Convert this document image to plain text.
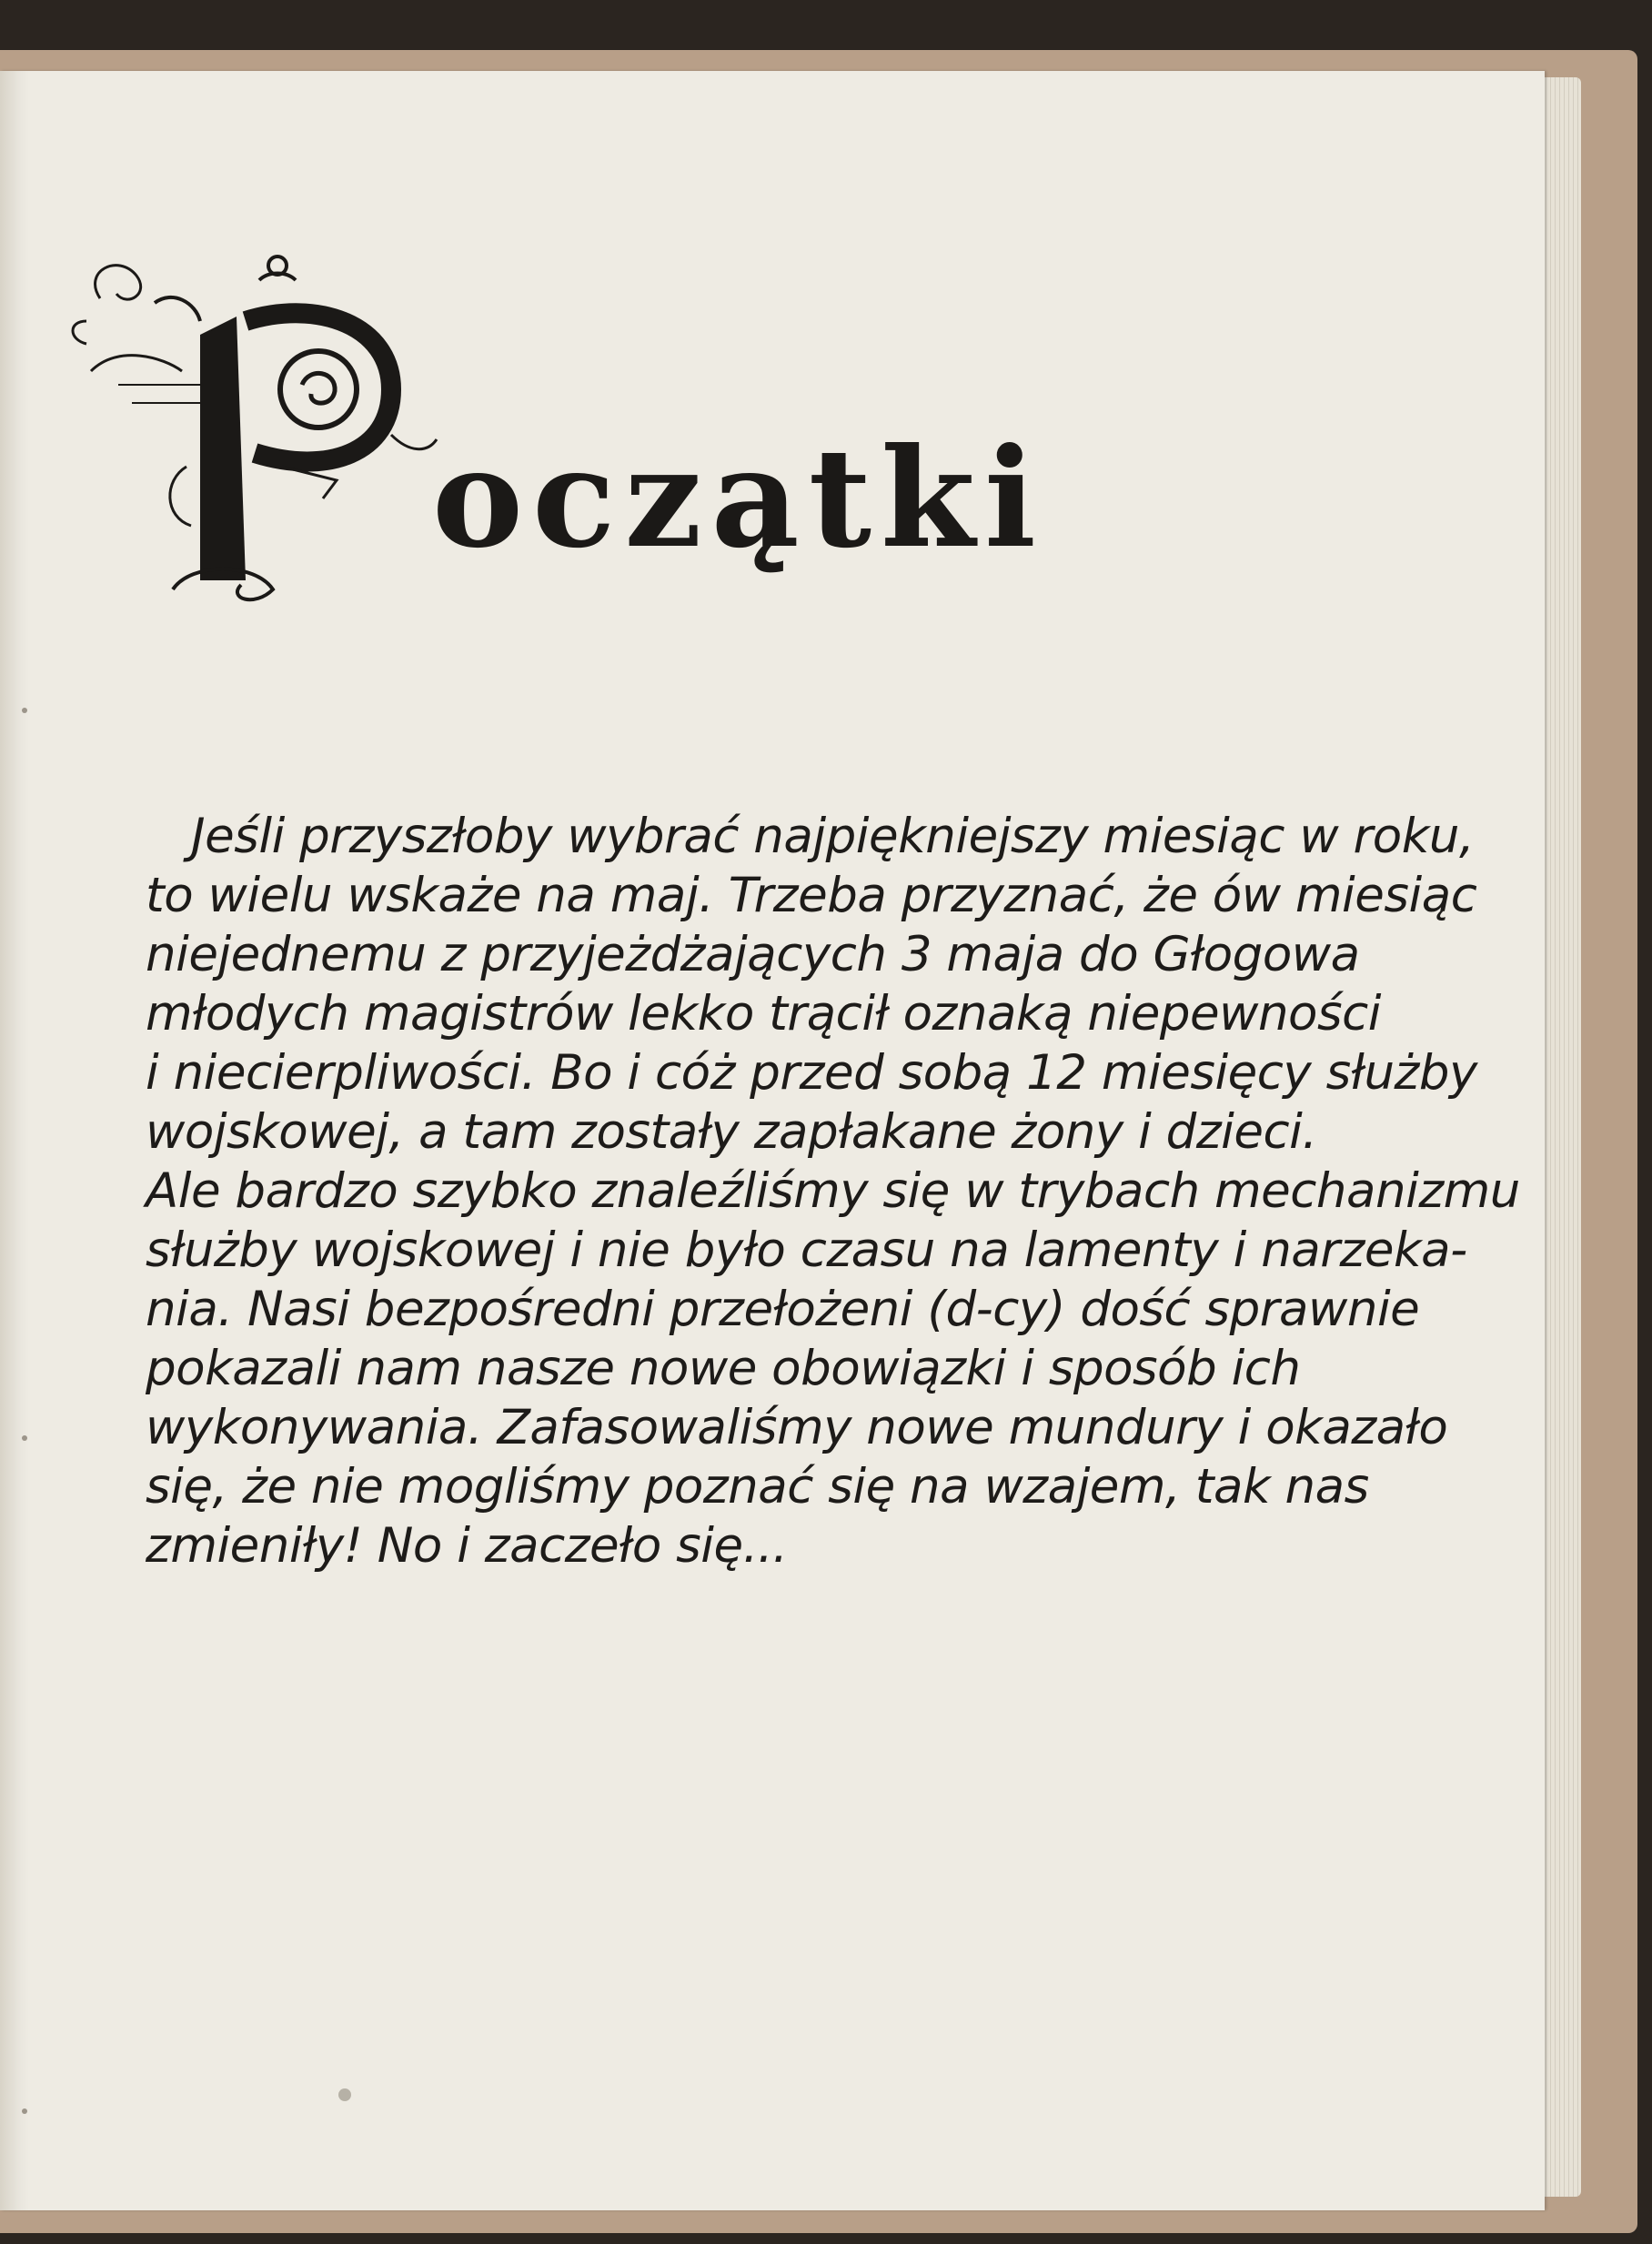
oczątki
Jeśli przyszłoby wybrać najpiękniejszy miesiąc w roku,
to wielu wskaże na maj. Trzeba przyznać, że ów miesiąc
niejednemu z przyjeżdżających 3 maja do Głogowa
młodych magistrów lekko trącił oznaką niepewności
i niecierpliwości. Bo i cóż przed sobą 12 miesięcy służby
wojskowej, a tam zostały zapłakane żony i dzieci.
Ale bardzo szybko znaleźliśmy się w trybach mechanizmu
służby wojskowej i nie było czasu na lamenty i narzeka-
nia. Nasi bezpośredni przełożeni (d-cy) dość sprawnie
pokazali nam nasze nowe obowiązki i sposób ich
wykonywania. Zafasowaliśmy nowe mundury i okazało
się, że nie mogliśmy poznać się na wzajem, tak nas
zmieniły! No i zaczeło się...
